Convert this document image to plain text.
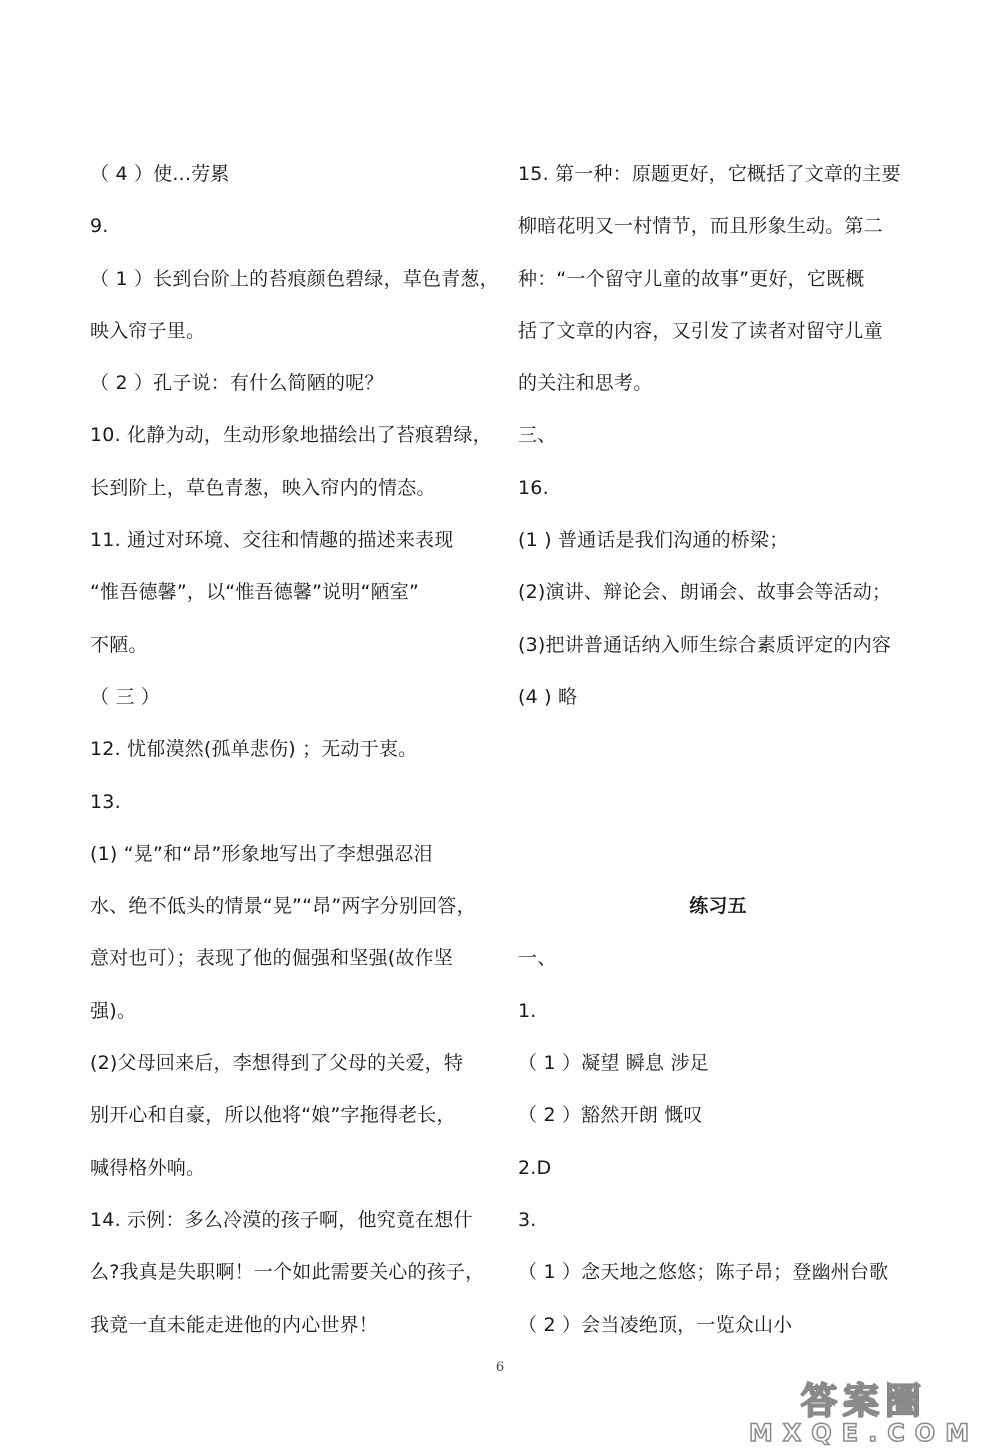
（ 4 ）使...劳累
9.
（ 1 ）长到台阶上的苔痕颜色碧绿，草色青葱，
映入帘子里。
（ 2 ）孔子说：有什么简陋的呢？
10. 化静为动，生动形象地描绘出了苔痕碧绿，
长到阶上，草色青葱，映入帘内的情态。
11. 通过对环境、交往和情趣的描述来表现
“惟吾德馨”，以“惟吾德馨”说明“陋室”
不陋。
（ 三 ）
12. 忧郁漠然(孤单悲伤) ；无动于衷。
13.
(1) “晃”和“昂”形象地写出了李想强忍泪
水、绝不低头的情景“晃”“昂”两字分别回答，
意对也可）；表现了他的倔强和坚强(故作坚
强)。
(2)父母回来后，李想得到了父母的关爱，特
别开心和自豪，所以他将“娘”字拖得老长，
喊得格外响。
14. 示例：多么冷漠的孩子啊，他究竟在想什
么?我真是失职啊！一个如此需要关心的孩子，
我竟一直未能走进他的内心世界！
15. 第一种：原题更好，它概括了文章的主要
柳暗花明又一村情节，而且形象生动。第二
种：“一个留守儿童的故事”更好，它既概
括了文章的内容，又引发了读者对留守儿童
的关注和思考。
三、
16.
(1 ) 普通话是我们沟通的桥梁；
(2)演讲、辩论会、朗诵会、故事会等活动；
(3)把讲普通话纳入师生综合素质评定的内容
(4 ) 略
练习五
一、
1.
（ 1 ）凝望 瞬息 涉足
（ 2 ）豁然开朗 慨叹
2.D
3.
（ 1 ）念天地之悠悠；陈子昂；登幽州台歌
（ 2 ）会当凌绝顶，一览众山小
6
答案圈
MXQE.COM
